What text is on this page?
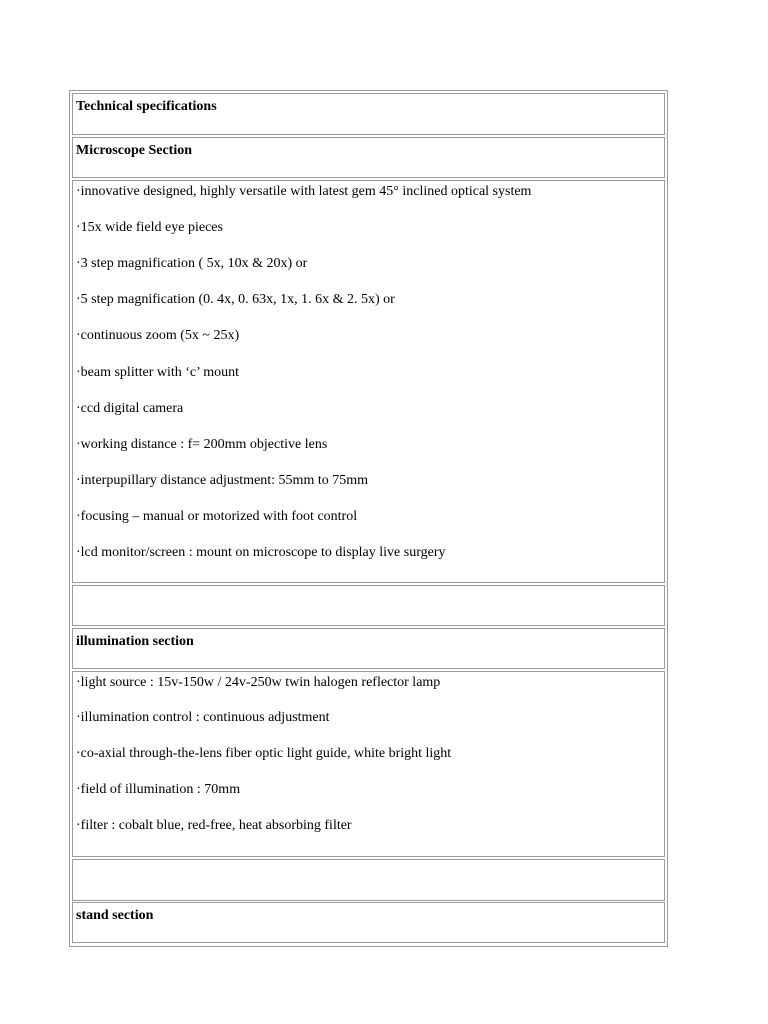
Technical specifications
Microscope Section
·innovative designed, highly versatile with latest gem 45° inclined optical system
·15x wide field eye pieces
·3 step magnification ( 5x, 10x & 20x) or
·5 step magnification (0. 4x, 0. 63x, 1x, 1. 6x & 2. 5x) or
·continuous zoom (5x ~ 25x)
·beam splitter with ‘c’ mount
·ccd digital camera
·working distance : f= 200mm objective lens
·interpupillary distance adjustment: 55mm to 75mm
·focusing – manual or motorized with foot control
·lcd monitor/screen : mount on microscope to display live surgery
illumination section
·light source : 15v-150w / 24v-250w twin halogen reflector lamp
·illumination control : continuous adjustment
·co-axial through-the-lens fiber optic light guide, white bright light
·field of illumination : 70mm
·filter : cobalt blue, red-free, heat absorbing filter
stand section
